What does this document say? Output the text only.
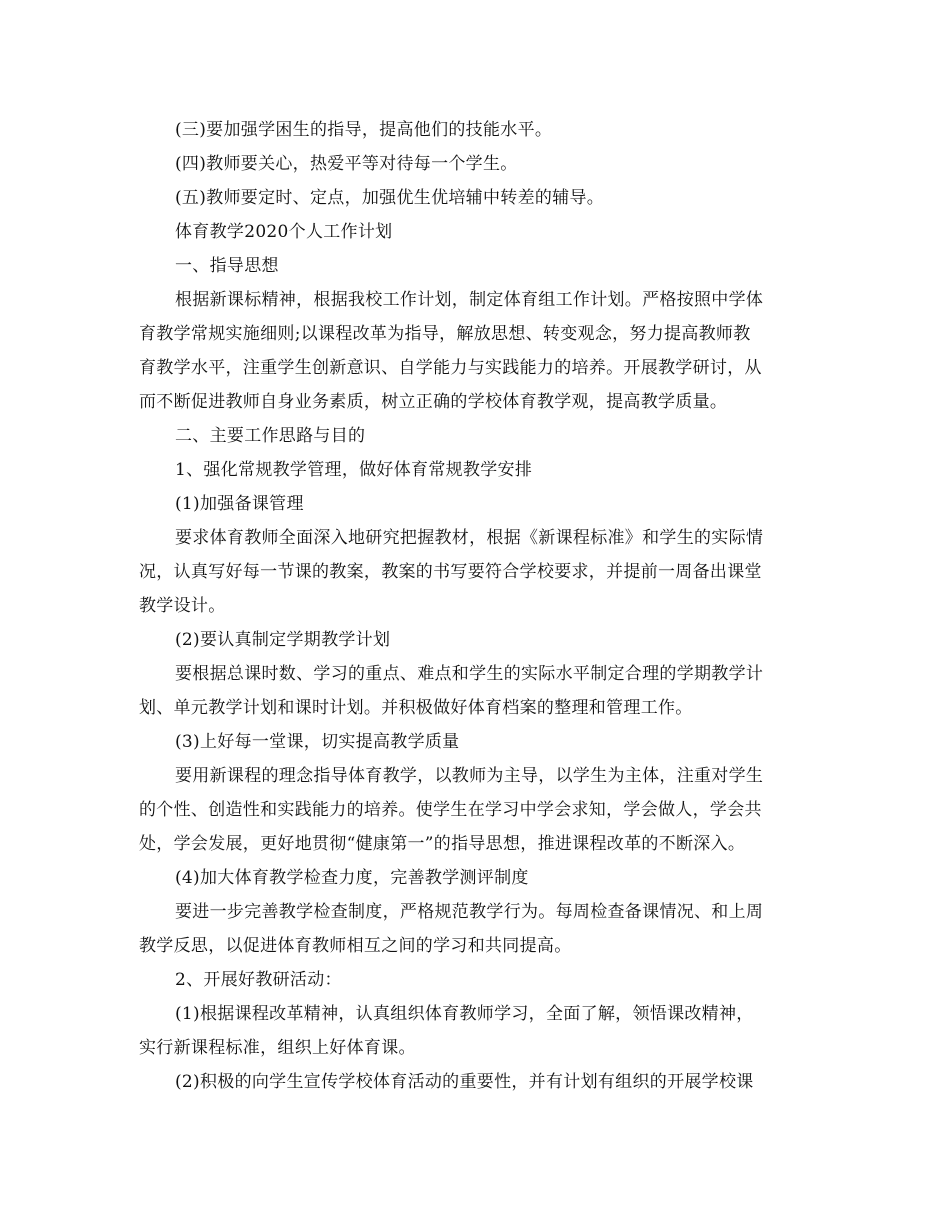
(三)要加强学困生的指导，提高他们的技能水平。
(四)教师要关心，热爱平等对待每一个学生。
(五)教师要定时、定点，加强优生优培辅中转差的辅导。
体育教学2020个人工作计划
一、指导思想
根据新课标精神，根据我校工作计划，制定体育组工作计划。严格按照中学体
育教学常规实施细则;以课程改革为指导，解放思想、转变观念，努力提高教师教
育教学水平，注重学生创新意识、自学能力与实践能力的培养。开展教学研讨，从
而不断促进教师自身业务素质，树立正确的学校体育教学观，提高教学质量。
二、主要工作思路与目的
1、强化常规教学管理，做好体育常规教学安排
(1)加强备课管理
要求体育教师全面深入地研究把握教材，根据《新课程标准》和学生的实际情
况，认真写好每一节课的教案，教案的书写要符合学校要求，并提前一周备出课堂
教学设计。
(2)要认真制定学期教学计划
要根据总课时数、学习的重点、难点和学生的实际水平制定合理的学期教学计
划、单元教学计划和课时计划。并积极做好体育档案的整理和管理工作。
(3)上好每一堂课，切实提高教学质量
要用新课程的理念指导体育教学，以教师为主导，以学生为主体，注重对学生
的个性、创造性和实践能力的培养。使学生在学习中学会求知，学会做人，学会共
处，学会发展，更好地贯彻“健康第一”的指导思想，推进课程改革的不断深入。
(4)加大体育教学检查力度，完善教学测评制度
要进一步完善教学检查制度，严格规范教学行为。每周检查备课情况、和上周
教学反思，以促进体育教师相互之间的学习和共同提高。
2、开展好教研活动：
(1)根据课程改革精神，认真组织体育教师学习，全面了解，领悟课改精神，
实行新课程标准，组织上好体育课。
(2)积极的向学生宣传学校体育活动的重要性，并有计划有组织的开展学校课
